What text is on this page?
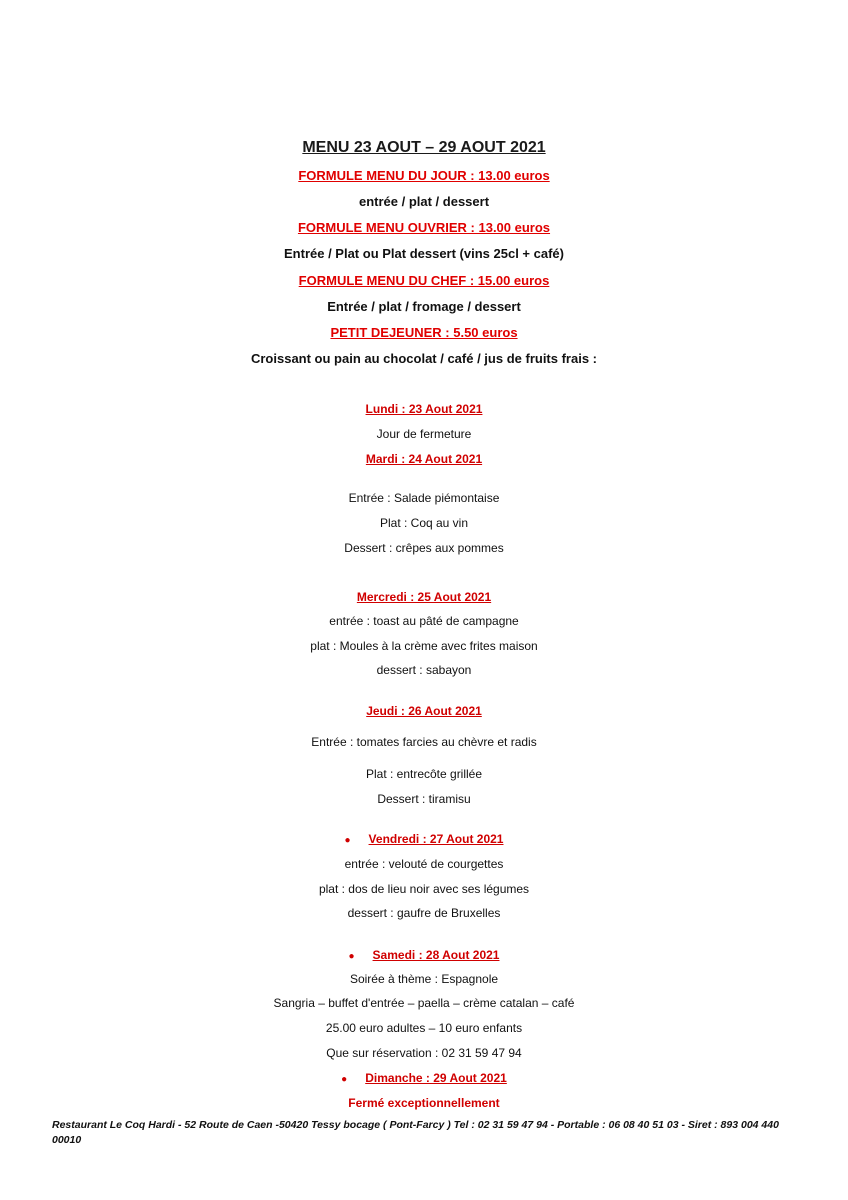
MENU 23 AOUT – 29 AOUT 2021
FORMULE MENU DU JOUR : 13.00 euros
entrée / plat / dessert
FORMULE MENU OUVRIER : 13.00 euros
Entrée / Plat ou Plat dessert (vins 25cl + café)
FORMULE MENU DU CHEF : 15.00 euros
Entrée / plat / fromage / dessert
PETIT DEJEUNER : 5.50 euros
Croissant ou pain au chocolat / café / jus de fruits frais :
Lundi : 23 Aout 2021
Jour de fermeture
Mardi : 24 Aout 2021
Entrée : Salade piémontaise
Plat : Coq au vin
Dessert : crêpes aux pommes
Mercredi : 25 Aout 2021
entrée : toast au pâté de campagne
plat : Moules à la crème avec frites maison
dessert : sabayon
Jeudi : 26 Aout 2021
Entrée : tomates farcies au chèvre et radis
Plat : entrecôte grillée
Dessert : tiramisu
● Vendredi : 27 Aout 2021
entrée : velouté de courgettes
plat : dos de lieu noir avec ses légumes
dessert : gaufre de Bruxelles
● Samedi : 28 Aout 2021
Soirée à thème : Espagnole
Sangria – buffet d'entrée – paella – crème catalan – café
25.00 euro adultes – 10 euro enfants
Que sur réservation : 02 31 59 47 94
● Dimanche : 29 Aout 2021
Fermé exceptionnellement
Restaurant Le Coq Hardi - 52 Route de Caen -50420 Tessy bocage ( Pont-Farcy ) Tel : 02 31 59 47 94 - Portable : 06 08 40 51 03 - Siret : 893 004 440 00010
